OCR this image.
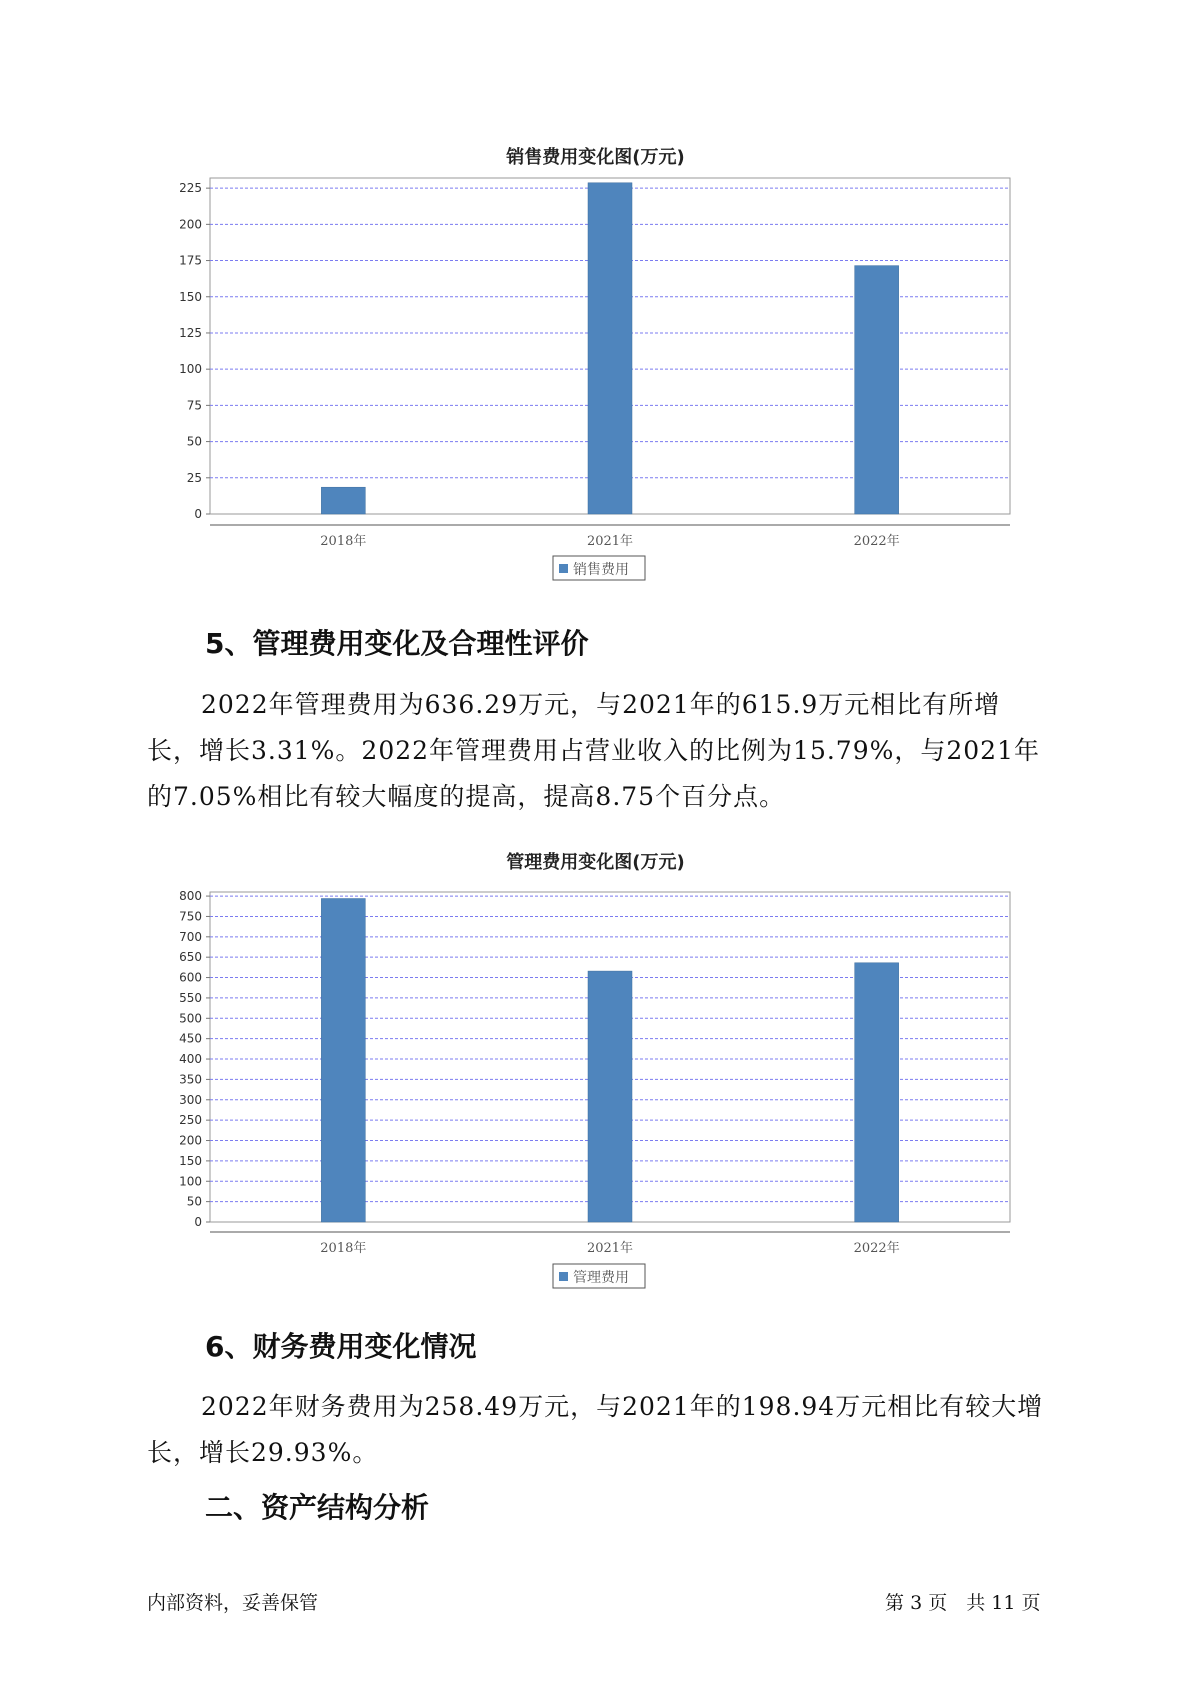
销售费用变化图(万元)
0
25
50
75
100
125
150
175
200
225
2018年	2021年	2022年
销售费用
5、管理费用变化及合理性评价
2022年管理费用为636.29万元，与2021年的615.9万元相比有所增长，增长3.31%。2022年管理费用占营业收入的比例为15.79%，与2021年的7.05%相比有较大幅度的提高，提高8.75个百分点。
管理费用变化图(万元)
0
50
100
150
200
250
300
350
400
450
500
550
600
650
700
750
800
2018年	2021年	2022年
管理费用
6、财务费用变化情况
2022年财务费用为258.49万元，与2021年的198.94万元相比有较大增长，增长29.93%。
二、资产结构分析
内部资料，妥善保管	第 3 页　共 11 页
